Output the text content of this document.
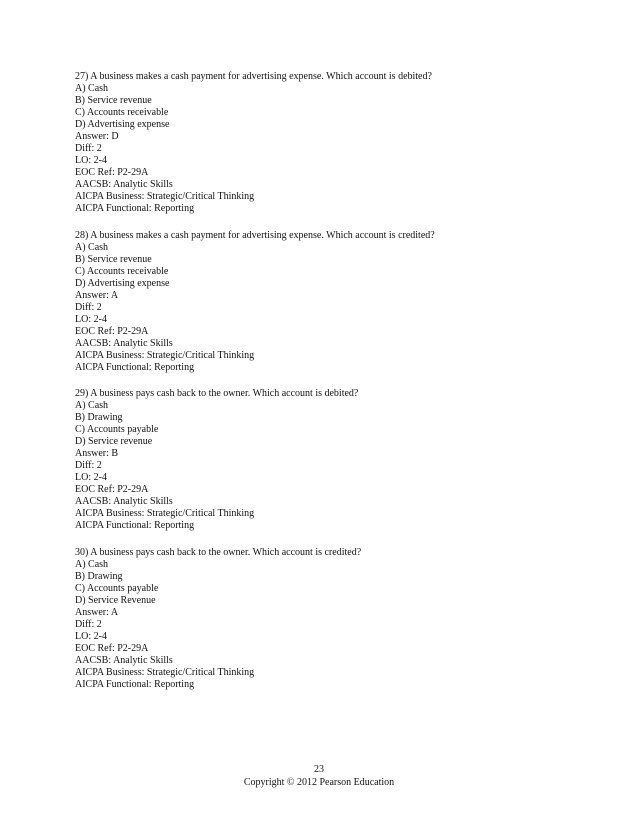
27) A business makes a cash payment for advertising expense. Which account is debited?
A) Cash
B) Service revenue
C) Accounts receivable
D) Advertising expense
Answer: D
Diff: 2
LO: 2-4
EOC Ref: P2-29A
AACSB: Analytic Skills
AICPA Business: Strategic/Critical Thinking
AICPA Functional: Reporting
28) A business makes a cash payment for advertising expense. Which account is credited?
A) Cash
B) Service revenue
C) Accounts receivable
D) Advertising expense
Answer: A
Diff: 2
LO: 2-4
EOC Ref: P2-29A
AACSB: Analytic Skills
AICPA Business: Strategic/Critical Thinking
AICPA Functional: Reporting
29) A business pays cash back to the owner. Which account is debited?
A) Cash
B) Drawing
C) Accounts payable
D) Service revenue
Answer: B
Diff: 2
LO: 2-4
EOC Ref: P2-29A
AACSB: Analytic Skills
AICPA Business: Strategic/Critical Thinking
AICPA Functional: Reporting
30) A business pays cash back to the owner. Which account is credited?
A) Cash
B) Drawing
C) Accounts payable
D) Service Revenue
Answer: A
Diff: 2
LO: 2-4
EOC Ref: P2-29A
AACSB: Analytic Skills
AICPA Business: Strategic/Critical Thinking
AICPA Functional: Reporting
23
Copyright © 2012 Pearson Education
